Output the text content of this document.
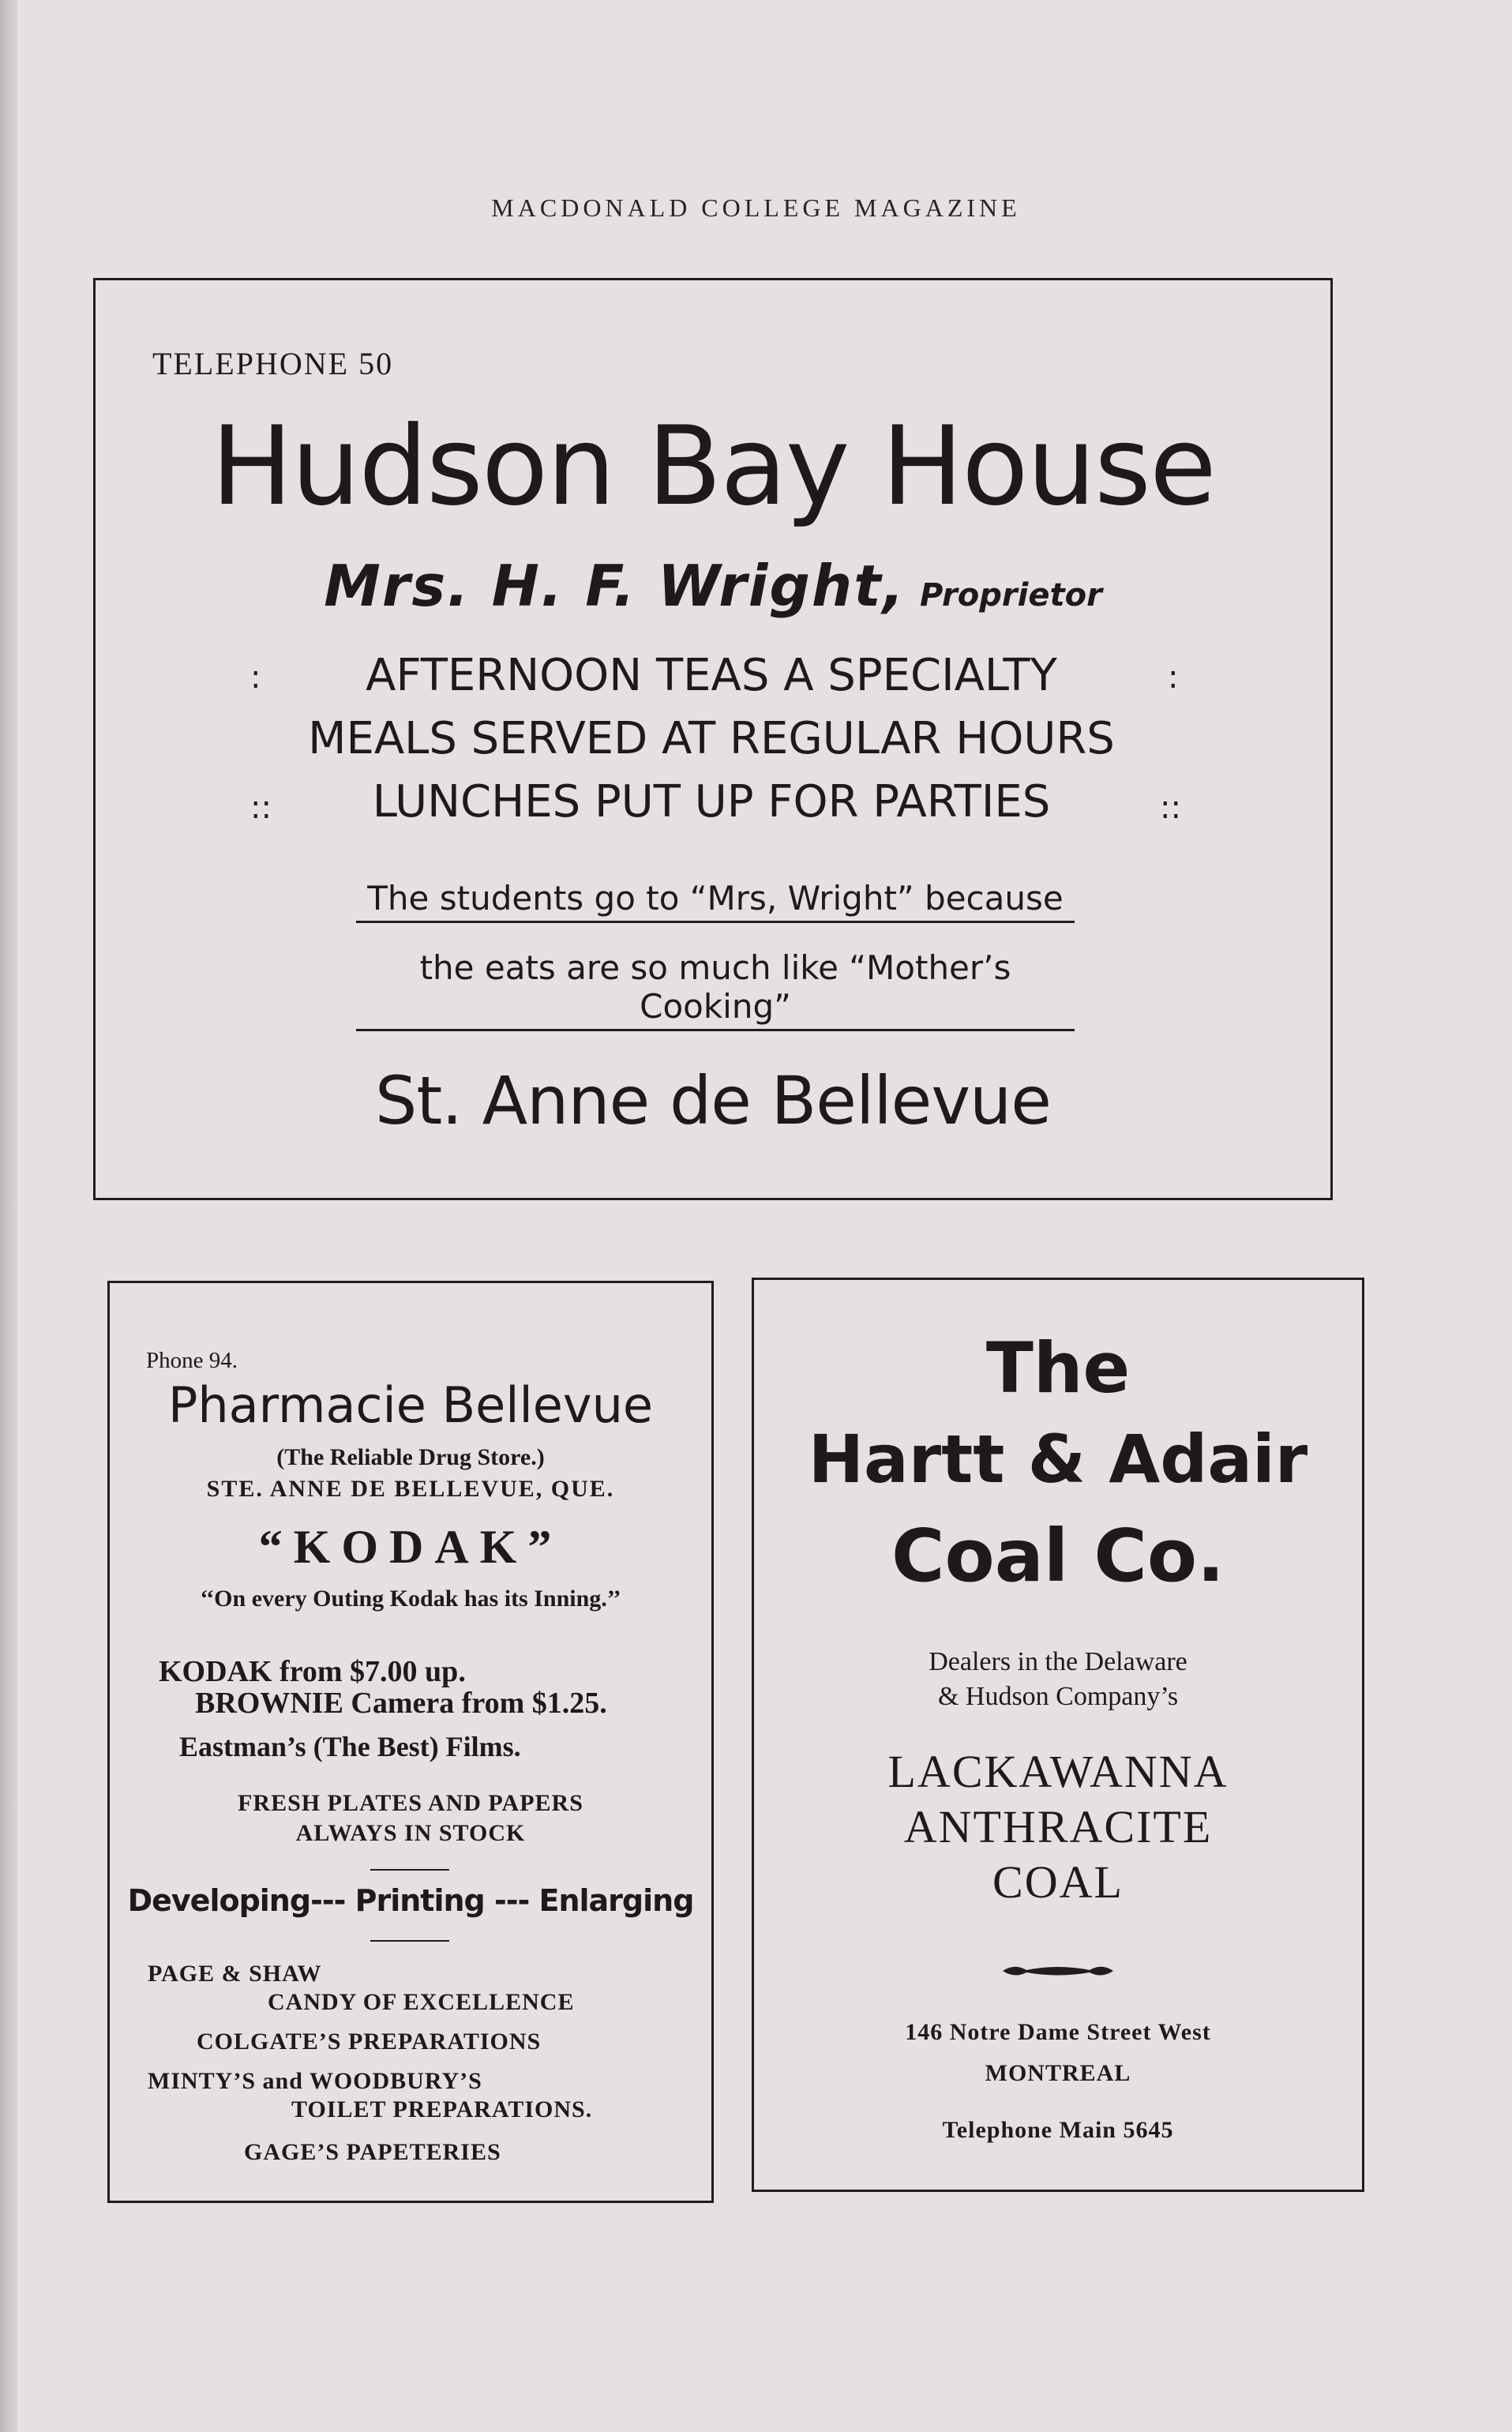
MACDONALD COLLEGE MAGAZINE
TELEPHONE 50
Hudson Bay House
Mrs. H. F. Wright, Proprietor
:	:
AFTERNOON TEAS A SPECIALTY
MEALS SERVED AT REGULAR HOURS
::	::
LUNCHES PUT UP FOR PARTIES
The students go to “Mrs, Wright” because
the eats are so much like “Mother’s Cooking”
St. Anne de Bellevue
Phone 94.
Pharmacie Bellevue
(The Reliable Drug Store.)
STE. ANNE DE BELLEVUE, QUE.
“KODAK”
‘‘On every Outing Kodak has its Inning.’’
KODAK from $7.00 up.
BROWNIE Camera from $1.25.
Eastman’s (The Best) Films.
FRESH PLATES AND PAPERS
ALWAYS IN STOCK
Developing--- Printing --- Enlarging
PAGE & SHAW
CANDY OF EXCELLENCE
COLGATE’S PREPARATIONS
MINTY’S and WOODBURY’S
TOILET PREPARATIONS.
GAGE’S PAPETERIES
The
Hartt & Adair
Coal Co.
Dealers in the Delaware
& Hudson Company’s
LACKAWANNA
ANTHRACITE
COAL
146 Notre Dame Street West
MONTREAL
Telephone Main 5645
